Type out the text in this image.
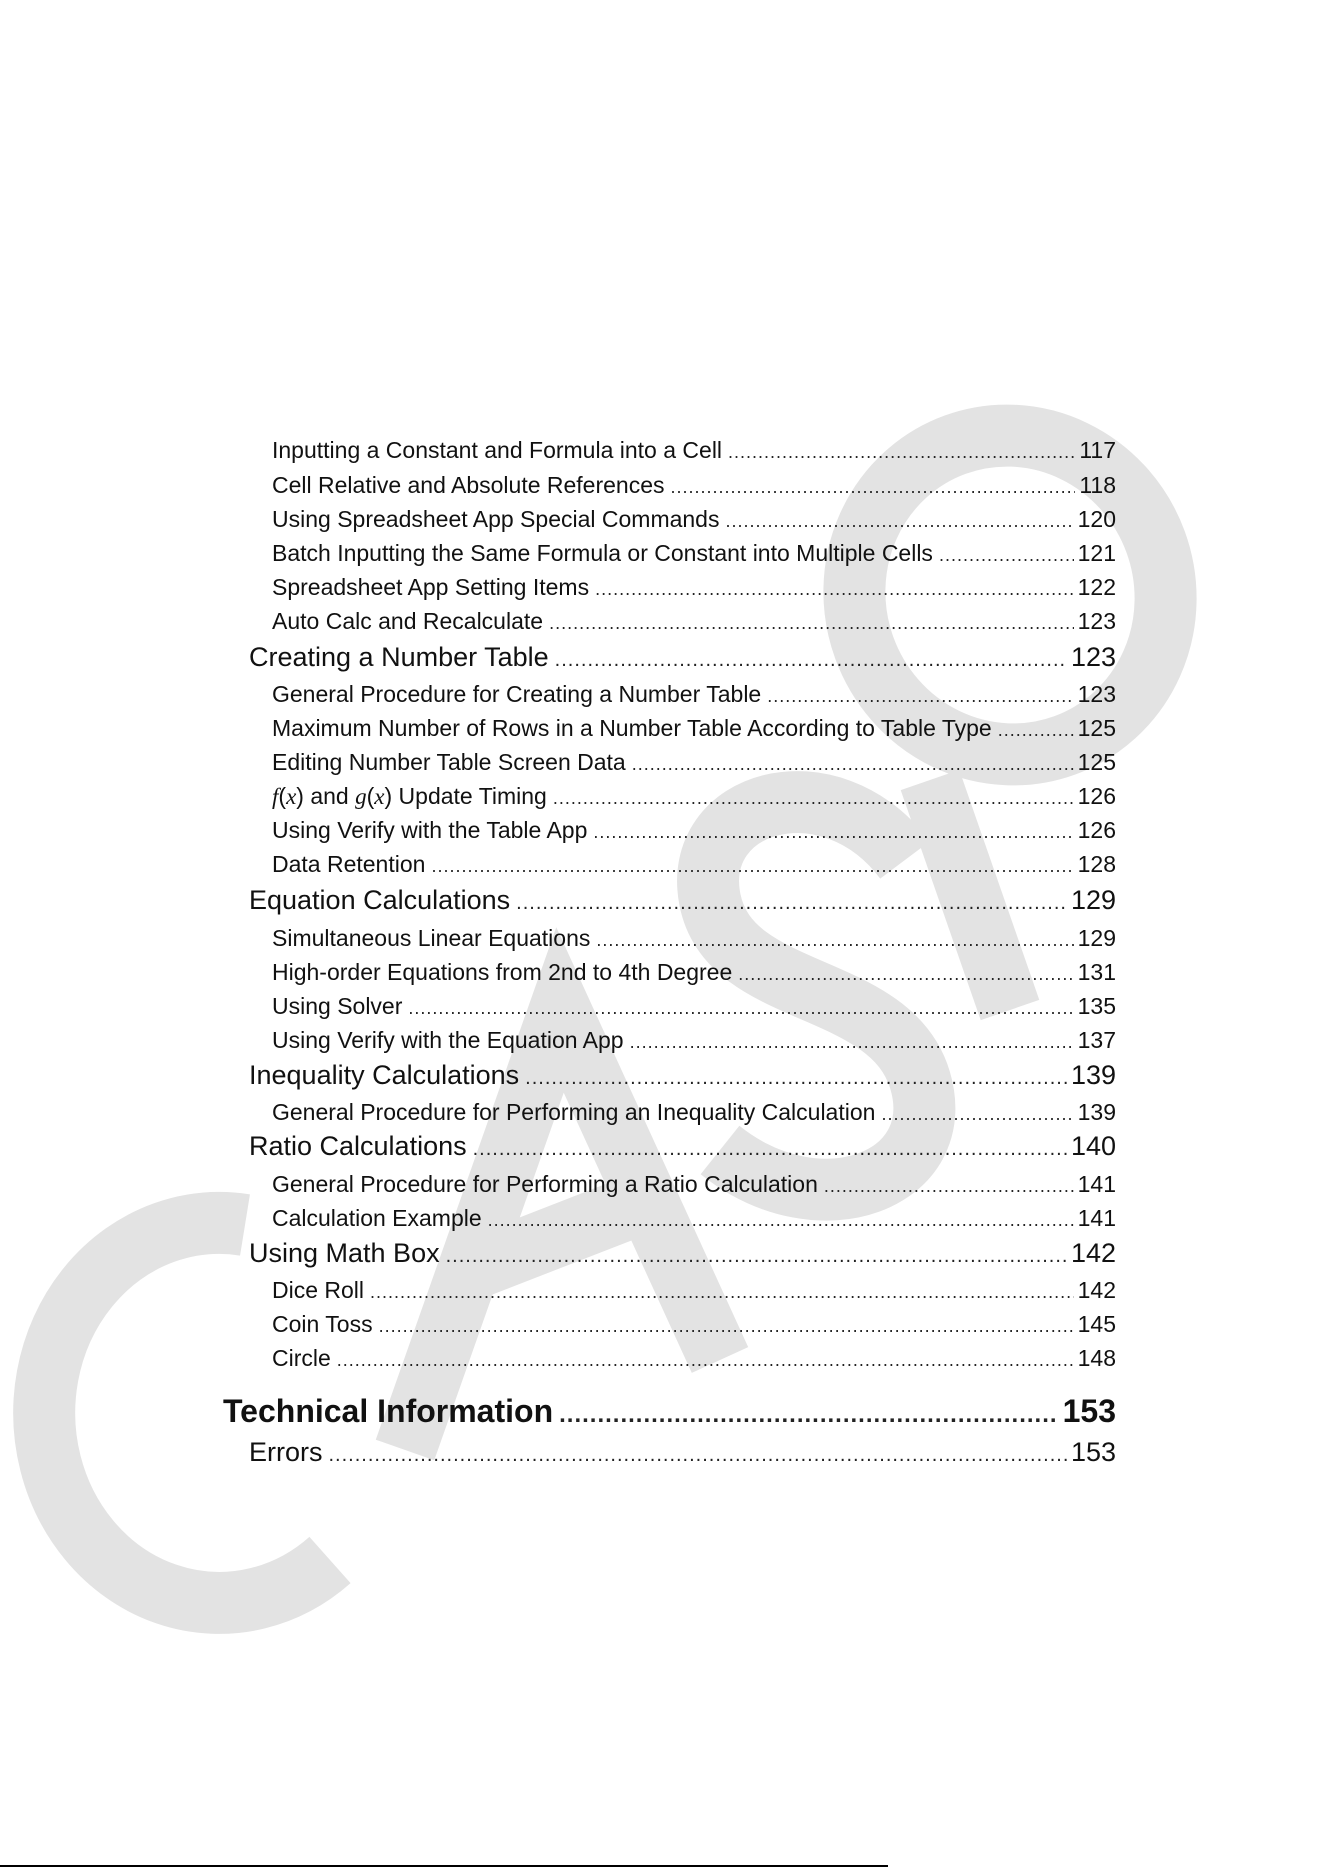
Inputting a Constant and Formula into a Cell .....	117
Cell Relative and Absolute References .....	118
Using Spreadsheet App Special Commands .....	120
Batch Inputting the Same Formula or Constant into Multiple Cells .....	121
Spreadsheet App Setting Items .....	122
Auto Calc and Recalculate .....	123
Creating a Number Table .....	123
General Procedure for Creating a Number Table .....	123
Maximum Number of Rows in a Number Table According to Table Type .....	125
Editing Number Table Screen Data .....	125
f(x) and g(x) Update Timing .....	126
Using Verify with the Table App .....	126
Data Retention .....	128
Equation Calculations .....	129
Simultaneous Linear Equations .....	129
High-order Equations from 2nd to 4th Degree .....	131
Using Solver .....	135
Using Verify with the Equation App .....	137
Inequality Calculations .....	139
General Procedure for Performing an Inequality Calculation .....	139
Ratio Calculations .....	140
General Procedure for Performing a Ratio Calculation .....	141
Calculation Example .....	141
Using Math Box .....	142
Dice Roll .....	142
Coin Toss .....	145
Circle .....	148
Technical Information .....	153
Errors .....	153
